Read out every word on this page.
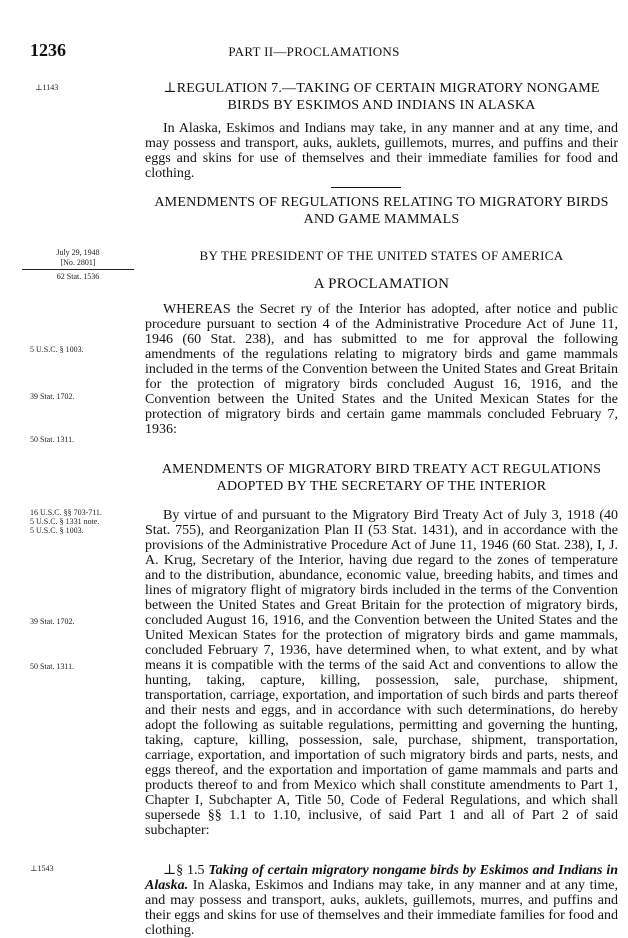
1236	PART II—PROCLAMATIONS
⊥1143
July 29, 1948
[No. 2801]
62 Stat. 1536
5 U.S.C. § 1003.
39 Stat. 1702.
50 Stat. 1311.
16 U.S.C. §§ 703-711.
5 U.S.C. § 1331 note.
5 U.S.C. § 1003.
39 Stat. 1702.
50 Stat. 1311.
⊥1543
⊥REGULATION 7.—TAKING OF CERTAIN MIGRATORY NONGAME BIRDS BY ESKIMOS AND INDIANS IN ALASKA
In Alaska, Eskimos and Indians may take, in any manner and at any time, and may possess and transport, auks, auklets, guillemots, murres, and puffins and their eggs and skins for use of themselves and their immediate families for food and clothing.
AMENDMENTS OF REGULATIONS RELATING TO MIGRATORY BIRDS AND GAME MAMMALS
BY THE PRESIDENT OF THE UNITED STATES OF AMERICA
A PROCLAMATION
WHEREAS the Secret ry of the Interior has adopted, after notice and public procedure pursuant to section 4 of the Administrative Procedure Act of June 11, 1946 (60 Stat. 238), and has submitted to me for approval the following amendments of the regulations relating to migratory birds and game mammals included in the terms of the Convention between the United States and Great Britain for the protection of migratory birds concluded August 16, 1916, and the Convention between the United States and the United Mexican States for the protection of migratory birds and certain game mammals concluded February 7, 1936:
AMENDMENTS OF MIGRATORY BIRD TREATY ACT REGULATIONS ADOPTED BY THE SECRETARY OF THE INTERIOR
By virtue of and pursuant to the Migratory Bird Treaty Act of July 3, 1918 (40 Stat. 755), and Reorganization Plan II (53 Stat. 1431), and in accordance with the provisions of the Administrative Procedure Act of June 11, 1946 (60 Stat. 238), I, J. A. Krug, Secretary of the Interior, having due regard to the zones of temperature and to the distribution, abundance, economic value, breeding habits, and times and lines of migratory flight of migratory birds included in the terms of the Convention between the United States and Great Britain for the protection of migratory birds, concluded August 16, 1916, and the Convention between the United States and the United Mexican States for the protection of migratory birds and game mammals, concluded February 7, 1936, have determined when, to what extent, and by what means it is compatible with the terms of the said Act and conventions to allow the hunting, taking, capture, killing, possession, sale, purchase, shipment, transportation, carriage, exportation, and importation of such birds and parts thereof and their nests and eggs, and in accordance with such determinations, do hereby adopt the following as suitable regulations, permitting and governing the hunting, taking, capture, killing, possession, sale, purchase, shipment, transportation, carriage, exportation, and importation of such migratory birds and parts, nests, and eggs thereof, and the exportation and importation of game mammals and parts and products thereof to and from Mexico which shall constitute amendments to Part 1, Chapter I, Subchapter A, Title 50, Code of Federal Regulations, and which shall supersede §§ 1.1 to 1.10, inclusive, of said Part 1 and all of Part 2 of said subchapter:
⊥§ 1.5 Taking of certain migratory nongame birds by Eskimos and Indians in Alaska. In Alaska, Eskimos and Indians may take, in any manner and at any time, and may possess and transport, auks, auklets, guillemots, murres, and puffins and their eggs and skins for use of themselves and their immediate families for food and clothing.
